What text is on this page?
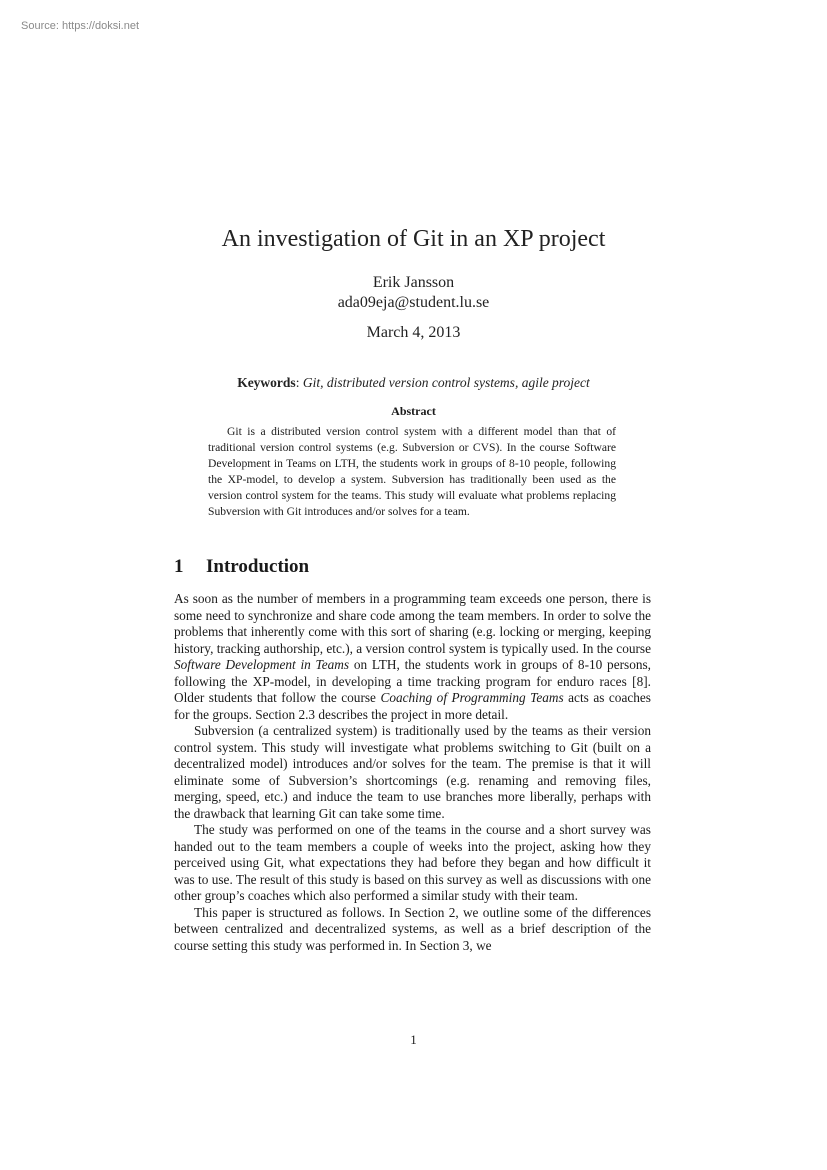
Source: https://doksi.net
An investigation of Git in an XP project
Erik Jansson
ada09eja@student.lu.se
March 4, 2013
Keywords: Git, distributed version control systems, agile project
Abstract
Git is a distributed version control system with a different model than that of traditional version control systems (e.g. Subversion or CVS). In the course Software Development in Teams on LTH, the students work in groups of 8-10 people, following the XP-model, to develop a system. Subversion has traditionally been used as the version control system for the teams. This study will evaluate what problems replacing Subversion with Git introduces and/or solves for a team.
1 Introduction

As soon as the number of members in a programming team exceeds one person, there is some need to synchronize and share code among the team members. In order to solve the problems that inherently come with this sort of sharing (e.g. locking or merging, keeping history, tracking authorship, etc.), a version control system is typically used. In the course Software Development in Teams on LTH, the students work in groups of 8-10 persons, following the XP-model, in developing a time tracking program for enduro races [8]. Older students that follow the course Coaching of Programming Teams acts as coaches for the groups. Section 2.3 describes the project in more detail.

Subversion (a centralized system) is traditionally used by the teams as their version control system. This study will investigate what problems switching to Git (built on a decentralized model) introduces and/or solves for the team. The premise is that it will eliminate some of Subversion’s shortcomings (e.g. renaming and removing files, merging, speed, etc.) and induce the team to use branches more liberally, perhaps with the drawback that learning Git can take some time.

The study was performed on one of the teams in the course and a short survey was handed out to the team members a couple of weeks into the project, asking how they perceived using Git, what expectations they had before they began and how difficult it was to use. The result of this study is based on this survey as well as discussions with one other group’s coaches which also performed a similar study with their team.

This paper is structured as follows. In Section 2, we outline some of the differences between centralized and decentralized systems, as well as a brief description of the course setting this study was performed in. In Section 3, we

1
